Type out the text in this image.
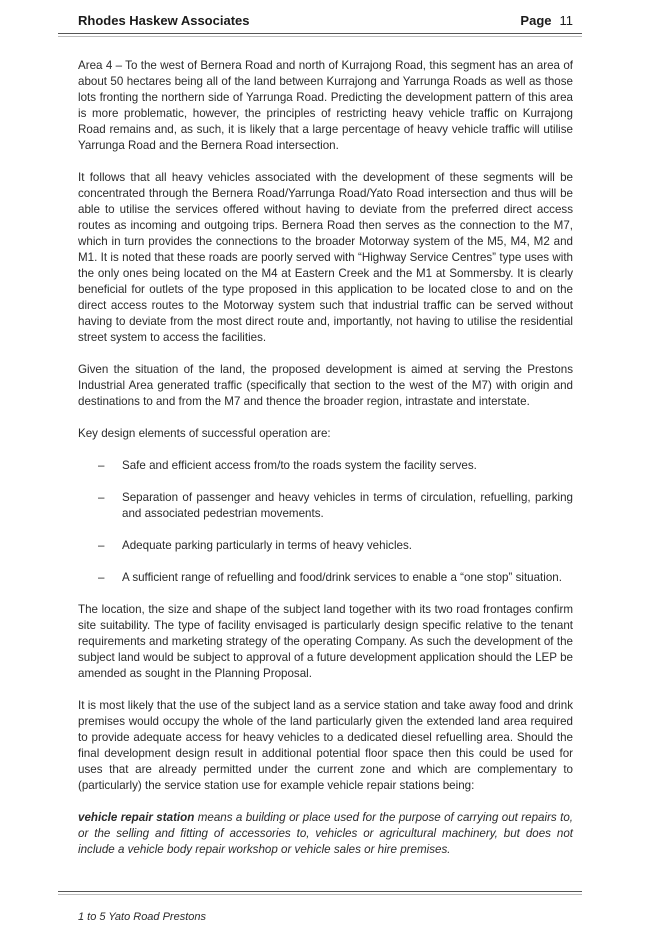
Rhodes Haskew Associates	Page 11

Area 4 – To the west of Bernera Road and north of Kurrajong Road, this segment has an area of about 50 hectares being all of the land between Kurrajong and Yarrunga Roads as well as those lots fronting the northern side of Yarrunga Road. Predicting the development pattern of this area is more problematic, however, the principles of restricting heavy vehicle traffic on Kurrajong Road remains and, as such, it is likely that a large percentage of heavy vehicle traffic will utilise Yarrunga Road and the Bernera Road intersection.

It follows that all heavy vehicles associated with the development of these segments will be concentrated through the Bernera Road/Yarrunga Road/Yato Road intersection and thus will be able to utilise the services offered without having to deviate from the preferred direct access routes as incoming and outgoing trips. Bernera Road then serves as the connection to the M7, which in turn provides the connections to the broader Motorway system of the M5, M4, M2 and M1. It is noted that these roads are poorly served with “Highway Service Centres” type uses with the only ones being located on the M4 at Eastern Creek and the M1 at Sommersby. It is clearly beneficial for outlets of the type proposed in this application to be located close to and on the direct access routes to the Motorway system such that industrial traffic can be served without having to deviate from the most direct route and, importantly, not having to utilise the residential street system to access the facilities.

Given the situation of the land, the proposed development is aimed at serving the Prestons Industrial Area generated traffic (specifically that section to the west of the M7) with origin and destinations to and from the M7 and thence the broader region, intrastate and interstate.

Key design elements of successful operation are:

– Safe and efficient access from/to the roads system the facility serves.
– Separation of passenger and heavy vehicles in terms of circulation, refuelling, parking and associated pedestrian movements.
– Adequate parking particularly in terms of heavy vehicles.
– A sufficient range of refuelling and food/drink services to enable a “one stop” situation.

The location, the size and shape of the subject land together with its two road frontages confirm site suitability. The type of facility envisaged is particularly design specific relative to the tenant requirements and marketing strategy of the operating Company. As such the development of the subject land would be subject to approval of a future development application should the LEP be amended as sought in the Planning Proposal.

It is most likely that the use of the subject land as a service station and take away food and drink premises would occupy the whole of the land particularly given the extended land area required to provide adequate access for heavy vehicles to a dedicated diesel refuelling area. Should the final development design result in additional potential floor space then this could be used for uses that are already permitted under the current zone and which are complementary to (particularly) the service station use for example vehicle repair stations being:

vehicle repair station means a building or place used for the purpose of carrying out repairs to, or the selling and fitting of accessories to, vehicles or agricultural machinery, but does not include a vehicle body repair workshop or vehicle sales or hire premises.

1 to 5 Yato Road Prestons
